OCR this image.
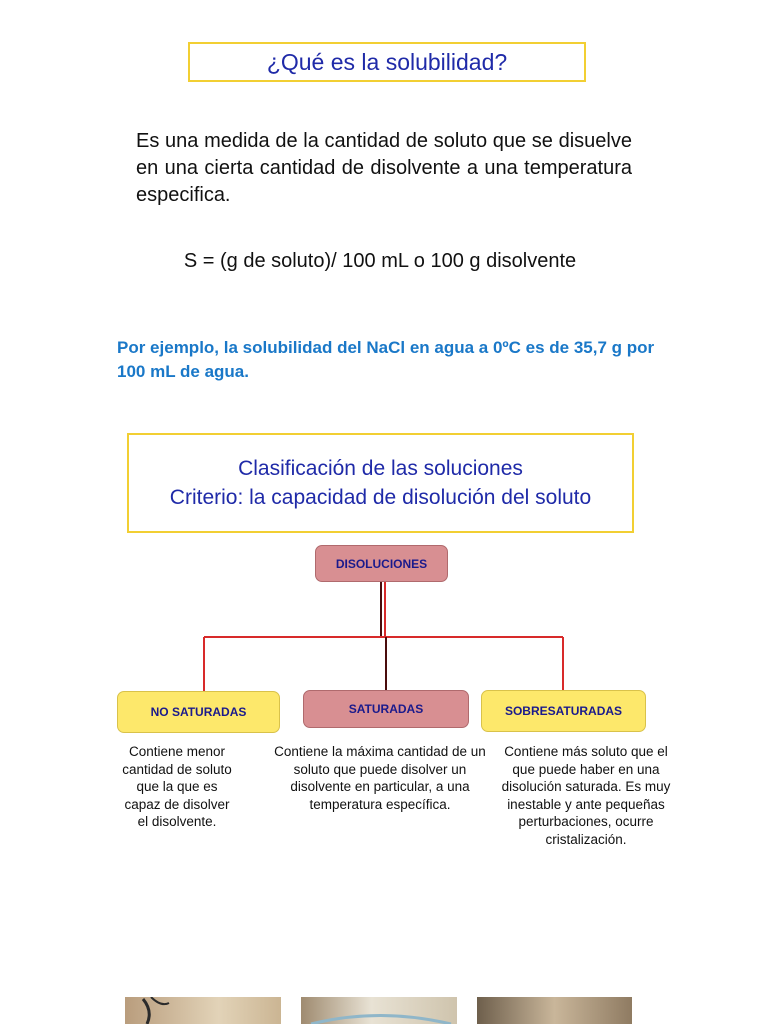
¿Qué es la solubilidad?
Es una medida de la cantidad de soluto que se disuelve en una cierta cantidad de disolvente a una temperatura especifica.
S = (g de soluto)/ 100 mL o 100 g disolvente
Por ejemplo, la solubilidad del NaCl en agua a 0ºC es de 35,7 g por 100 mL de agua.
Clasificación de las soluciones
Criterio: la capacidad de disolución del soluto
DISOLUCIONES
NO SATURADAS	SATURADAS	SOBRESATURADAS
Contiene menor cantidad de soluto que la que es capaz de disolver el disolvente.
Contiene la máxima cantidad de un soluto que puede disolver un disolvente en particular, a una temperatura específica.
Contiene más soluto que el que puede haber en una disolución saturada. Es muy inestable y ante pequeñas perturbaciones, ocurre cristalización.
